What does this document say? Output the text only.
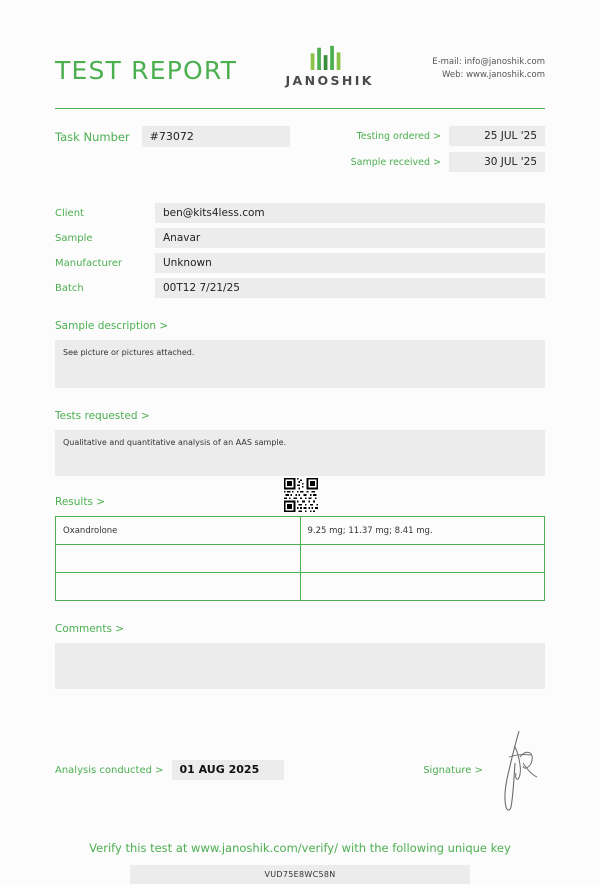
TEST REPORT	JANOSHIK
E-mail: info@janoshik.com
Web: www.janoshik.com
Task Number	#73072	Testing ordered >	25 JUL '25
Sample received >	30 JUL '25
Client	ben@kits4less.com
Sample	Anavar
Manufacturer	Unknown
Batch	00T12 7/21/25
Sample description >
See picture or pictures attached.
Tests requested >
Qualitative and quantitative analysis of an AAS sample.
Results >
Oxandrolone	9.25 mg; 11.37 mg; 8.41 mg.

Comments >
Analysis conducted >	01 AUG 2025	Signature >
Verify this test at www.janoshik.com/verify/ with the following unique key
VUD75E8WC58N
